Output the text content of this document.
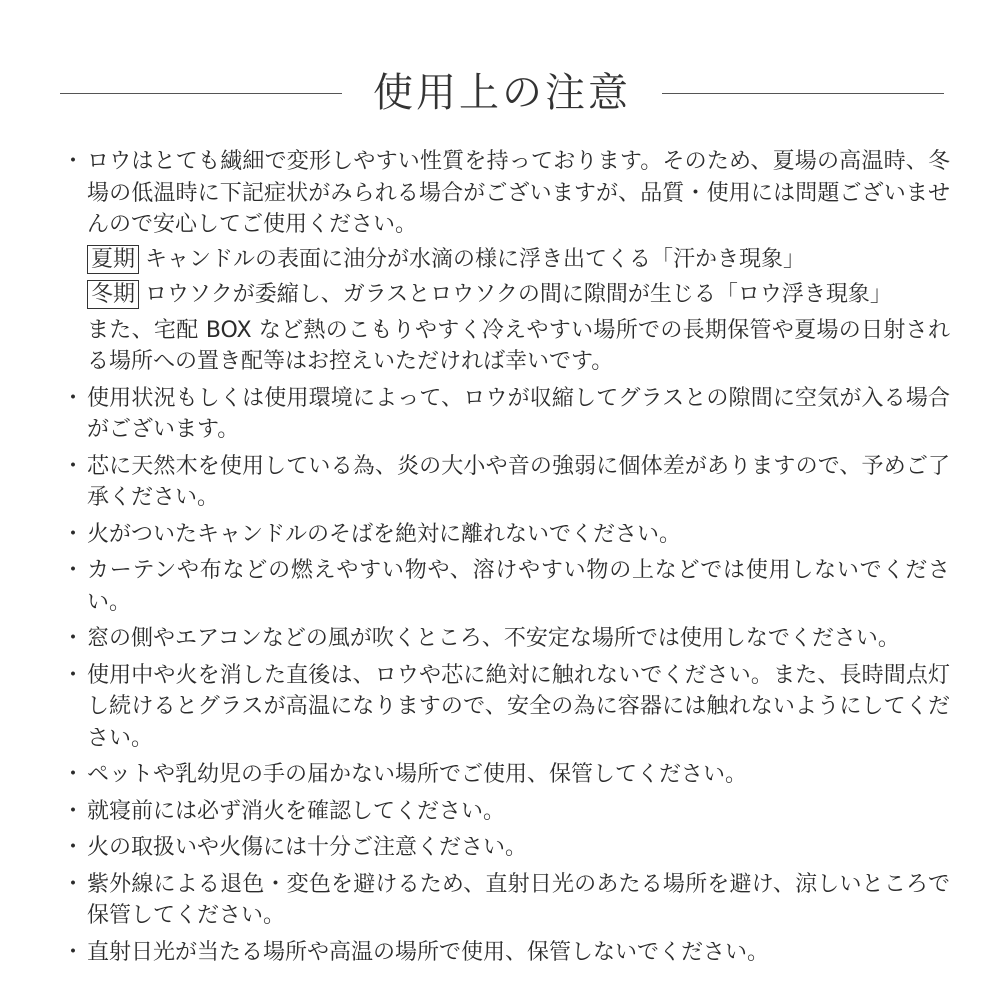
使用上の注意
・ ロウはとても繊細で変形しやすい性質を持っております。そのため、夏場の高温時、冬場の低温時に下記症状がみられる場合がございますが、品質・使用には問題ございませんので安心してご使用ください。

夏期 キャンドルの表面に油分が水滴の様に浮き出てくる「汗かき現象」
冬期 ロウソクが委縮し、ガラスとロウソクの間に隙間が生じる「ロウ浮き現象」

また、宅配 BOX など熱のこもりやすく冷えやすい場所での長期保管や夏場の日射される場所への置き配等はお控えいただければ幸いです。

・ 使用状況もしくは使用環境によって、ロウが収縮してグラスとの隙間に空気が入る場合がございます。

・ 芯に天然木を使用している為、炎の大小や音の強弱に個体差がありますので、予めご了承ください。

・ 火がついたキャンドルのそばを絶対に離れないでください。

・ カーテンや布などの燃えやすい物や、溶けやすい物の上などでは使用しないでください。

・ 窓の側やエアコンなどの風が吹くところ、不安定な場所では使用しなでください。

・ 使用中や火を消した直後は、ロウや芯に絶対に触れないでください。また、長時間点灯し続けるとグラスが高温になりますので、安全の為に容器には触れないようにしてください。

・ ペットや乳幼児の手の届かない場所でご使用、保管してください。

・ 就寝前には必ず消火を確認してください。

・ 火の取扱いや火傷には十分ご注意ください。

・ 紫外線による退色・変色を避けるため、直射日光のあたる場所を避け、涼しいところで保管してください。

・ 直射日光が当たる場所や高温の場所で使用、保管しないでください。
